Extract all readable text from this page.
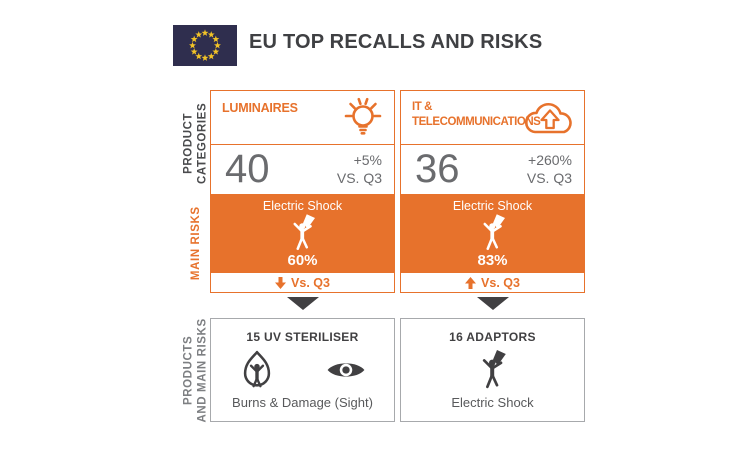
EU TOP RECALLS AND RISKS
PRODUCT CATEGORIES
MAIN RISKS
PRODUCTS AND MAIN RISKS
LUMINAIRES
40	+5%
VS. Q3
Electric Shock
60%
Vs. Q3
15 UV STERILISER
Burns & Damage (Sight)
IT & TELECOMMUNICATIONS
36	+260%
VS. Q3
Electric Shock
83%
Vs. Q3
16 ADAPTORS
Electric Shock
